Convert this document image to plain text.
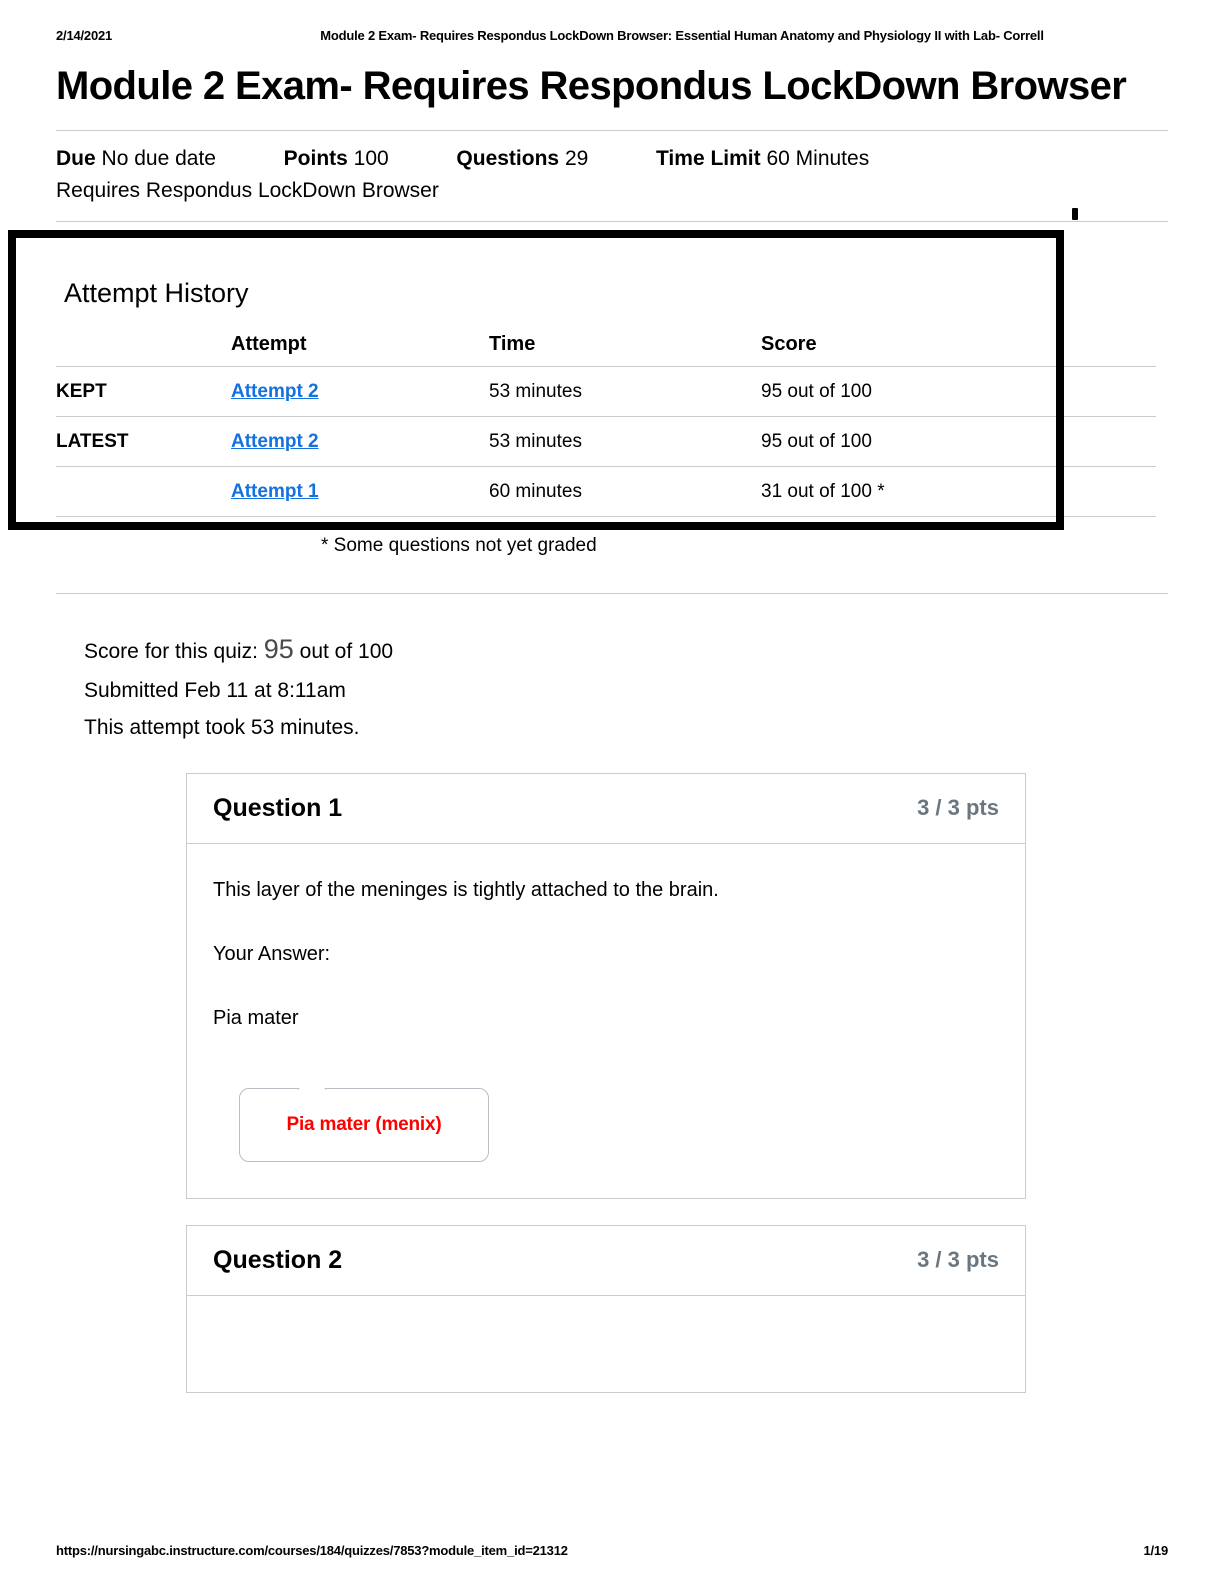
2/14/2021	Module 2 Exam- Requires Respondus LockDown Browser: Essential Human Anatomy and Physiology II with Lab- Correll
Module 2 Exam- Requires Respondus LockDown Browser
Due No due date	Points 100	Questions 29	Time Limit 60 Minutes
Requires Respondus LockDown Browser
Attempt History
	Attempt	Time	Score
KEPT	Attempt 2	53 minutes	95 out of 100
LATEST	Attempt 2	53 minutes	95 out of 100
	Attempt 1	60 minutes	31 out of 100 *
* Some questions not yet graded
Score for this quiz: 95 out of 100
Submitted Feb 11 at 8:11am
This attempt took 53 minutes.
Question 1	3 / 3 pts

This layer of the meninges is tightly attached to the brain.

Your Answer:

Pia mater

Pia mater (menix)
Question 2	3 / 3 pts
https://nursingabc.instructure.com/courses/184/quizzes/7853?module_item_id=21312	1/19
